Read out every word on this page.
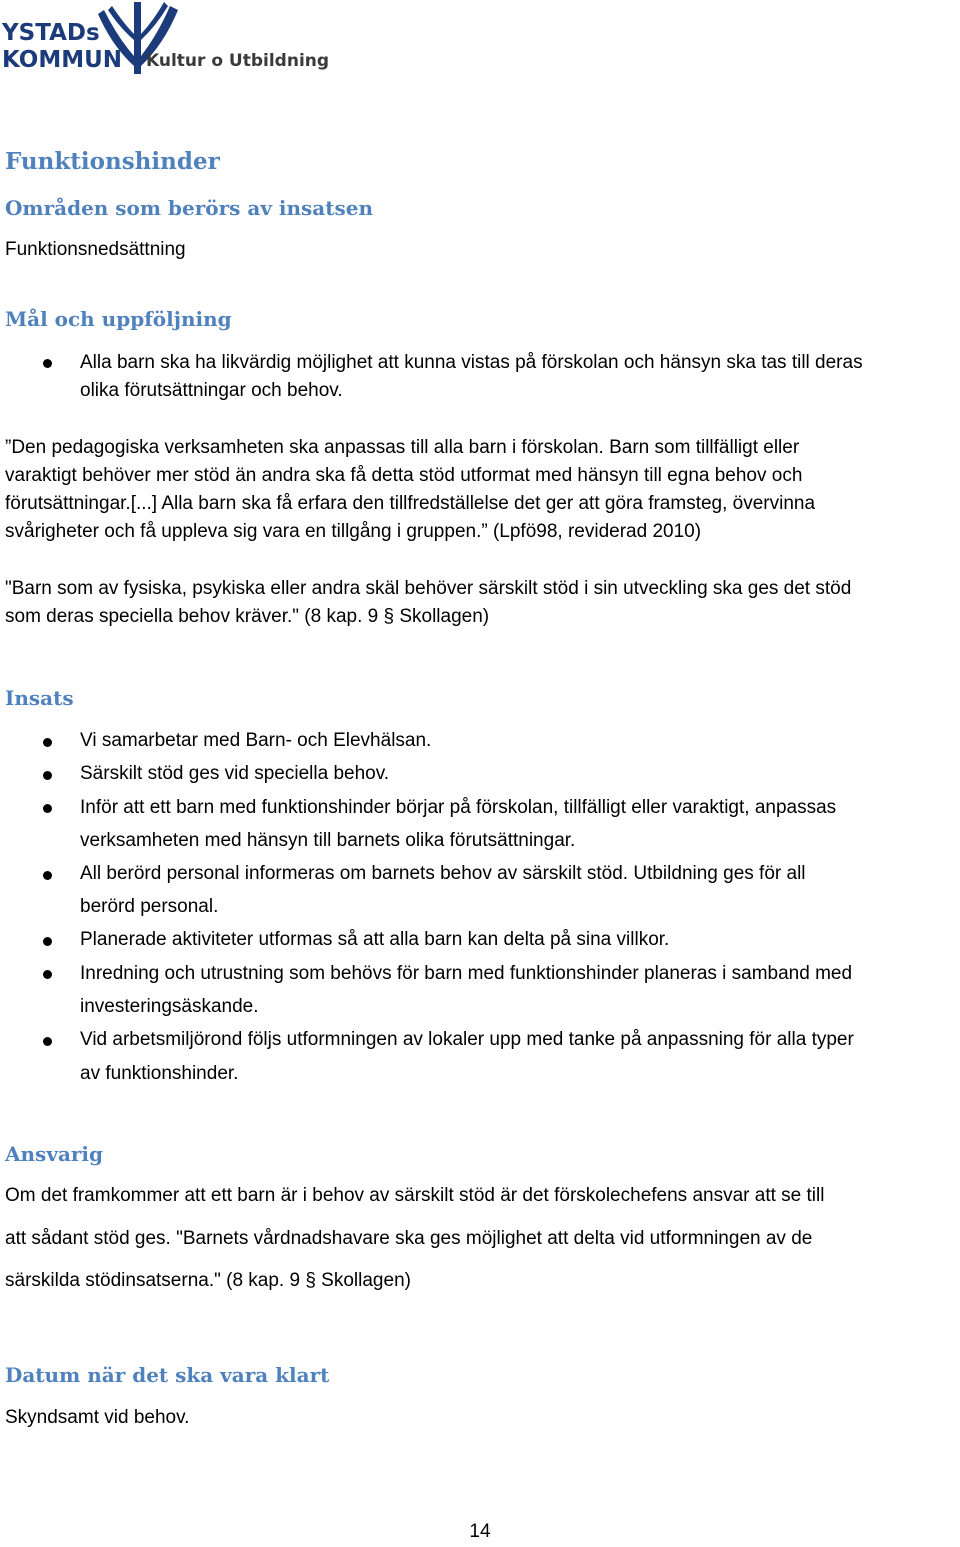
YSTADs
KOMMUN Kultur o Utbildning
Funktionshinder
Områden som berörs av insatsen
Funktionsnedsättning
Mål och uppföljning
Alla barn ska ha likvärdig möjlighet att kunna vistas på förskolan och hänsyn ska tas till deras
olika förutsättningar och behov.
”Den pedagogiska verksamheten ska anpassas till alla barn i förskolan. Barn som tillfälligt eller
varaktigt behöver mer stöd än andra ska få detta stöd utformat med hänsyn till egna behov och
förutsättningar.[...] Alla barn ska få erfara den tillfredställelse det ger att göra framsteg, övervinna
svårigheter och få uppleva sig vara en tillgång i gruppen.” (Lpfö98, reviderad 2010)
"Barn som av fysiska, psykiska eller andra skäl behöver särskilt stöd i sin utveckling ska ges det stöd
som deras speciella behov kräver." (8 kap. 9 § Skollagen)
Insats
Vi samarbetar med Barn- och Elevhälsan.
Särskilt stöd ges vid speciella behov.
Inför att ett barn med funktionshinder börjar på förskolan, tillfälligt eller varaktigt, anpassas
verksamheten med hänsyn till barnets olika förutsättningar.
All berörd personal informeras om barnets behov av särskilt stöd. Utbildning ges för all
berörd personal.
Planerade aktiviteter utformas så att alla barn kan delta på sina villkor.
Inredning och utrustning som behövs för barn med funktionshinder planeras i samband med
investeringsäskande.
Vid arbetsmiljörond följs utformningen av lokaler upp med tanke på anpassning för alla typer
av funktionshinder.
Ansvarig
Om det framkommer att ett barn är i behov av särskilt stöd är det förskolechefens ansvar att se till
att sådant stöd ges. "Barnets vårdnadshavare ska ges möjlighet att delta vid utformningen av de
särskilda stödinsatserna." (8 kap. 9 § Skollagen)
Datum när det ska vara klart
Skyndsamt vid behov.
14
